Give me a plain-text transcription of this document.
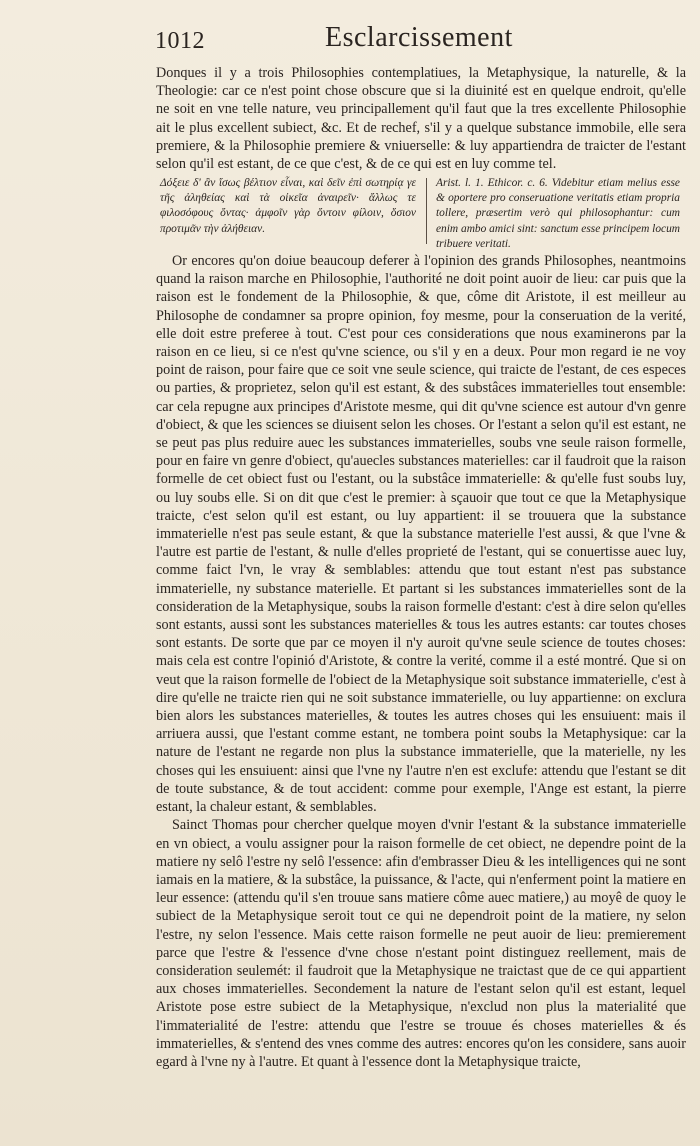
1012	Esclarcissement

Donques il y a trois Philosophies contemplatiues, la Metaphysique, la naturelle, & la Theologie: car ce n'est point chose obscure que si la diuinité est en quelque endroit, qu'elle ne soit en vne telle nature, veu principallement qu'il faut que la tres excellente Philosophie ait le plus excellent subiect, &c. Et de rechef, s'il y a quelque substance immobile, elle sera premiere, & la Philosophie premiere & vniuerselle: & luy appartiendra de traicter de l'estant selon qu'il est estant, de ce que c'est, & de ce qui est en luy comme tel.

Δόξειε δ' ἂν ἴσως βέλτιον εἶναι, καὶ δεῖν ἐπὶ σωτηρίᾳ γε τῆς ἀληθείας καὶ τὰ οἰκεῖα ἀναιρεῖν· ἄλλως τε φιλοσόφους ὄντας· ἀμφοῖν γὰρ ὄντοιν φίλοιν, ὅσιον προτιμᾶν τὴν ἀλήθειαν.
Arist. l. 1. Ethicor. c. 6. Videbitur etiam melius esse & oportere pro conseruatione veritatis etiam propria tollere, præsertim verò qui philosophantur: cum enim ambo amici sint: sanctum esse principem locum tribuere veritati.

Or encores qu'on doiue beaucoup deferer à l'opinion des grands Philosophes, neantmoins quand la raison marche en Philosophie, l'authorité ne doit point auoir de lieu: car puis que la raison est le fondement de la Philosophie, & que, côme dit Aristote, il est meilleur au Philosophe de condamner sa propre opinion, foy mesme, pour la conseruation de la verité, elle doit estre preferee à tout. C'est pour ces considerations que nous examinerons par la raison en ce lieu, si ce n'est qu'vne science, ou s'il y en a deux. Pour mon regard ie ne voy point de raison, pour faire que ce soit vne seule science, qui traicte de l'estant, de ces especes ou parties, & proprietez, selon qu'il est estant, & des substâces immaterielles tout ensemble: car cela repugne aux principes d'Aristote mesme, qui dit qu'vne science est autour d'vn genre d'obiect, & que les sciences se diuisent selon les choses. Or l'estant a selon qu'il est estant, ne se peut pas plus reduire auec les substances immaterielles, soubs vne seule raison formelle, pour en faire vn genre d'obiect, qu'auecles substances materielles: car il faudroit que la raison formelle de cet obiect fust ou l'estant, ou la substâce immaterielle: & qu'elle fust soubs luy, ou luy soubs elle. Si on dit que c'est le premier: à sçauoir que tout ce que la Metaphysique traicte, c'est selon qu'il est estant, ou luy appartient: il se trouuera que la substance immaterielle n'est pas seule estant, & que la substance materielle l'est aussi, & que l'vne & l'autre est partie de l'estant, & nulle d'elles proprieté de l'estant, qui se conuertisse auec luy, comme faict l'vn, le vray & semblables: attendu que tout estant n'est pas substance immaterielle, ny substance materielle. Et partant si les substances immaterielles sont de la consideration de la Metaphysique, soubs la raison formelle d'estant: c'est à dire selon qu'elles sont estants, aussi sont les substances materielles & tous les autres estants: car toutes choses sont estants. De sorte que par ce moyen il n'y auroit qu'vne seule science de toutes choses: mais cela est contre l'opinió d'Aristote, & contre la verité, comme il a esté montré. Que si on veut que la raison formelle de l'obiect de la Metaphysique soit substance immaterielle, c'est à dire qu'elle ne traicte rien qui ne soit substance immaterielle, ou luy appartienne: on exclura bien alors les substances materielles, & toutes les autres choses qui les ensuiuent: mais il arriuera aussi, que l'estant comme estant, ne tombera point soubs la Metaphysique: car la nature de l'estant ne regarde non plus la substance immaterielle, que la materielle, ny les choses qui les ensuiuent: ainsi que l'vne ny l'autre n'en est exclufe: attendu que l'estant se dit de toute substance, & de tout accident: comme pour exemple, l'Ange est estant, la pierre estant, la chaleur estant, & semblables.

Sainct Thomas pour chercher quelque moyen d'vnir l'estant & la substance immaterielle en vn obiect, a voulu assigner pour la raison formelle de cet obiect, ne dependre point de la matiere ny selô l'estre ny selô l'essence: afin d'embrasser Dieu & les intelligences qui ne sont iamais en la matiere, & la substâce, la puissance, & l'acte, qui n'enferment point la matiere en leur essence: (attendu qu'il s'en trouue sans matiere côme auec matiere,) au moyê de quoy le subiect de la Metaphysique seroit tout ce qui ne dependroit point de la matiere, ny selon l'estre, ny selon l'essence. Mais cette raison formelle ne peut auoir de lieu: premierement parce que l'estre & l'essence d'vne chose n'estant point distinguez reellement, mais de consideration seulemét: il faudroit que la Metaphysique ne traictast que de ce qui appartient aux choses immaterielles. Secondement la nature de l'estant selon qu'il est estant, lequel Aristote pose estre subiect de la Metaphysique, n'exclud non plus la materialité que l'immaterialité de l'estre: attendu que l'estre se trouue és choses materielles & és immaterielles, & s'entend des vnes comme des autres: encores qu'on les considere, sans auoir egard à l'vne ny à l'autre. Et quant à l'essence dont la Metaphysique traicte,
